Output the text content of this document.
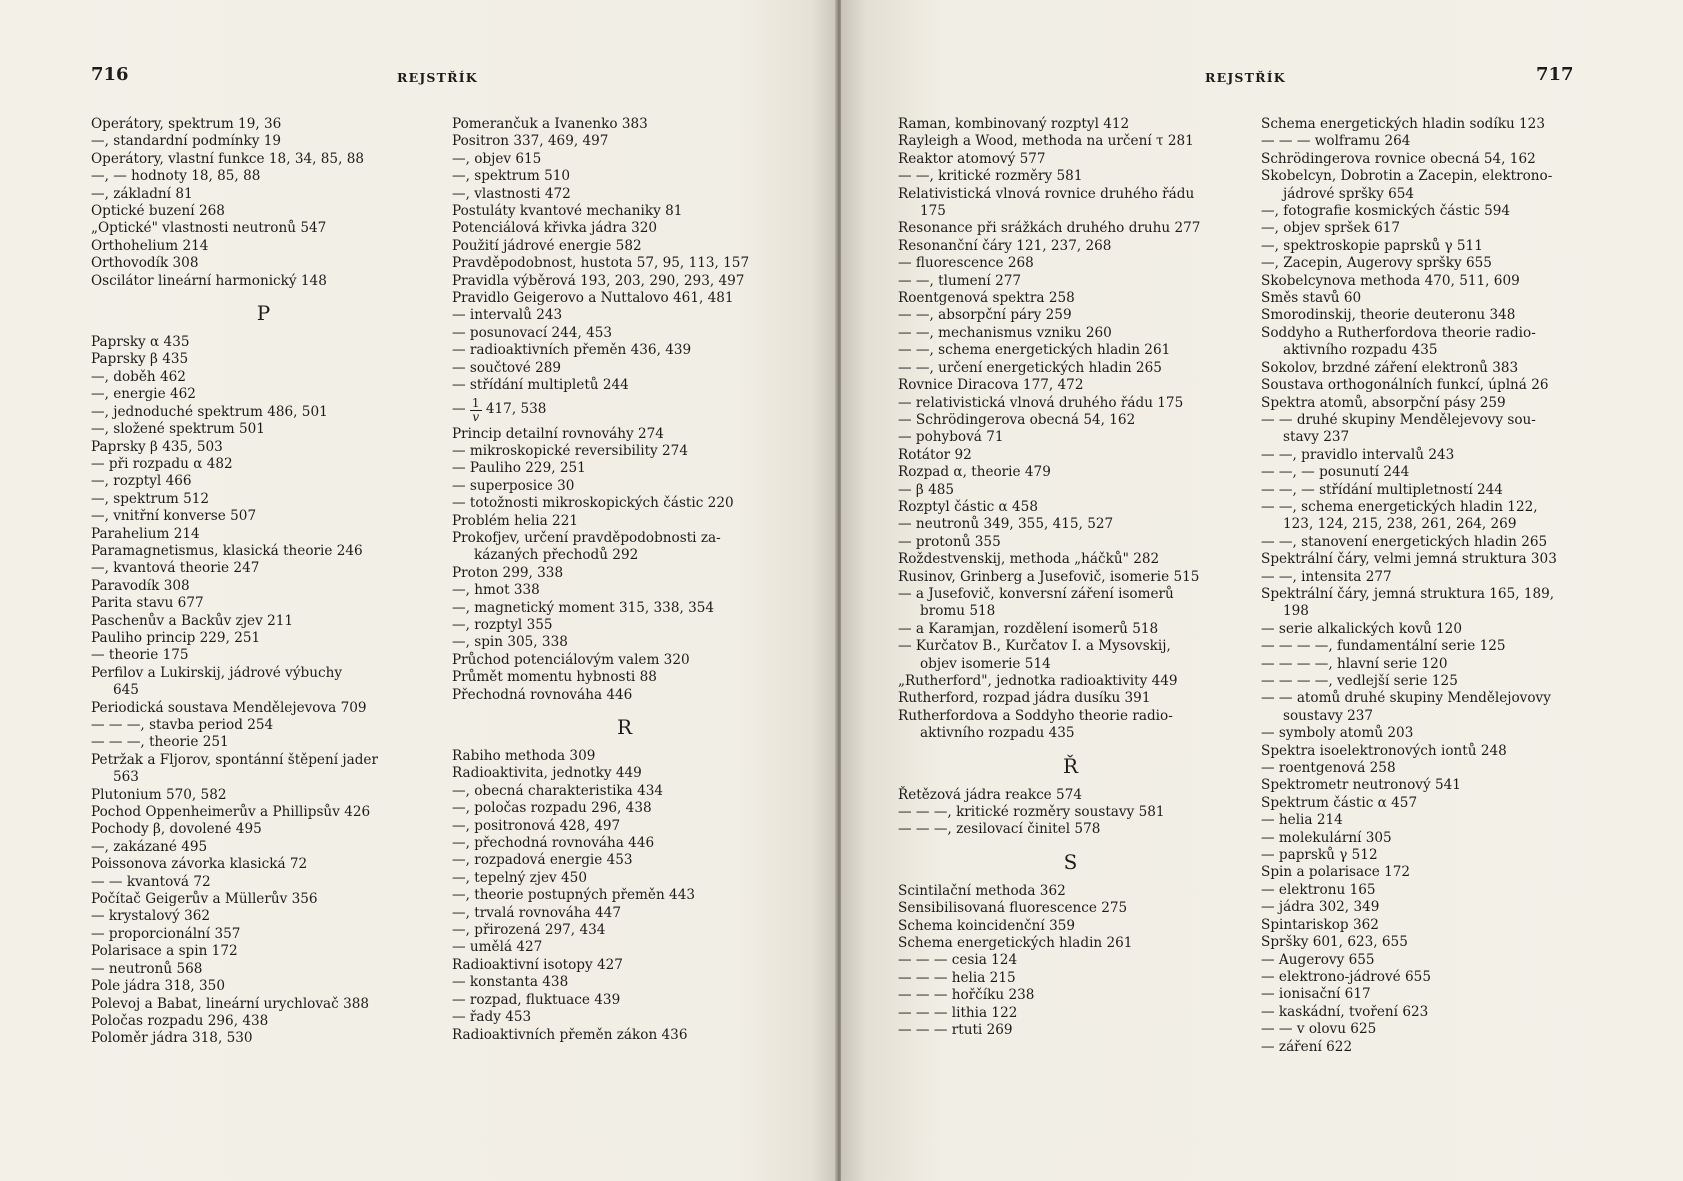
716	REJSTŘÍK
Operátory, spektrum 19, 36
—, standardní podmínky 19
Operátory, vlastní funkce 18, 34, 85, 88
—, — hodnoty 18, 85, 88
—, základní 81
Optické buzení 268
„Optické" vlastnosti neutronů 547
Orthohelium 214
Orthovodík 308
Oscilátor lineární harmonický 148
P
Paprsky α 435
Paprsky β 435
—, doběh 462
—, energie 462
—, jednoduché spektrum 486, 501
—, složené spektrum 501
Paprsky β 435, 503
— při rozpadu α 482
—, rozptyl 466
—, spektrum 512
—, vnitřní konverse 507
Parahelium 214
Paramagnetismus, klasická theorie 246
—, kvantová theorie 247
Paravodík 308
Parita stavu 677
Paschenův a Backův zjev 211
Pauliho princip 229, 251
— theorie 175
Perfilov a Lukirskij, jádrové výbuchy
645
Periodická soustava Mendělejevova 709
— — —, stavba period 254
— — —, theorie 251
Petržak a Fljorov, spontánní štěpení jader
563
Plutonium 570, 582
Pochod Oppenheimerův a Phillipsův 426
Pochody β, dovolené 495
—, zakázané 495
Poissonova závorka klasická 72
— — kvantová 72
Počítač Geigerův a Müllerův 356
— krystalový 362
— proporcionální 357
Polarisace a spin 172
— neutronů 568
Pole jádra 318, 350
Polevoj a Babat, lineární urychlovač 388
Poločas rozpadu 296, 438
Poloměr jádra 318, 530
Pomerančuk a Ivanenko 383
Positron 337, 469, 497
—, objev 615
—, spektrum 510
—, vlastnosti 472
Postuláty kvantové mechaniky 81
Potenciálová křivka jádra 320
Použití jádrové energie 582
Pravděpodobnost, hustota 57, 95, 113, 157
Pravidla výběrová 193, 203, 290, 293, 497
Pravidlo Geigerovo a Nuttalovo 461, 481
— intervalů 243
— posunovací 244, 453
— radioaktivních přeměn 436, 439
— součtové 289
— střídání multipletů 244
— $\frac{1}{v} 417$, 538
Princip detailní rovnováhy 274
— mikroskopické reversibility 274
— Pauliho 229, 251
— superposice 30
— totožnosti mikroskopických částic 220
Problém helia 221
Prokofjev, určení pravděpodobnosti za-
kázaných přechodů 292
Proton 299, 338
—, hmot 338
—, magnetický moment 315, 338, 354
—, rozptyl 355
—, spin 305, 338
Průchod potenciálovým valem 320
Průmět momentu hybnosti 88
Přechodná rovnováha 446
R
Rabiho methoda 309
Radioaktivita, jednotky 449
—, obecná charakteristika 434
—, poločas rozpadu 296, 438
—, positronová 428, 497
—, přechodná rovnováha 446
—, rozpadová energie 453
—, tepelný zjev 450
—, theorie postupných přeměn 443
—, trvalá rovnováha 447
—, přirozená 297, 434
— umělá 427
Radioaktivní isotopy 427
— konstanta 438
— rozpad, fluktuace 439
— řady 453
Radioaktivních přeměn zákon 436
717
REJSTŘÍK
Raman, kombinovaný rozptyl 412
Rayleigh a Wood, methoda na určení τ 281
Reaktor atomový 577
— —, kritické rozměry 581
Relativistická vlnová rovnice druhého řádu
175
Resonance při srážkách druhého druhu 277
Resonanční čáry 121, 237, 268
— fluorescence 268
— —, tlumení 277
Roentgenová spektra 258
— —, absorpční páry 259
— —, mechanismus vzniku 260
— —, schema energetických hladin 261
— —, určení energetických hladin 265
Rovnice Diracova 177, 472
— relativistická vlnová druhého řádu 175
— Schrödingerova obecná 54, 162
— pohybová 71
Rotátor 92
Rozpad α, theorie 479
— β 485
Rozptyl částic α 458
— neutronů 349, 355, 415, 527
— protonů 355
Roždestvenskij, methoda „háčků" 282
Rusinov, Grinberg a Jusefovič, isomerie 515
— a Jusefovič, konversní záření isomerů
bromu 518
— a Karamjan, rozdělení isomerů 518
— Kurčatov B., Kurčatov I. a Mysovskij,
objev isomerie 514
„Rutherford", jednotka radioaktivity 449
Rutherford, rozpad jádra dusíku 391
Rutherfordova a Soddyho theorie radio-
aktivního rozpadu 435
Ř
Řetězová jádra reakce 574
— — —, kritické rozměry soustavy 581
— — —, zesilovací činitel 578
S
Scintilační methoda 362
Sensibilisovaná fluorescence 275
Schema koincidenční 359
Schema energetických hladin 261
— — — cesia 124
— — — helia 215
— — — hořčíku 238
— — — lithia 122
— — — rtuti 269
Schema energetických hladin sodíku 123
— — — wolframu 264
Schrödingerova rovnice obecná 54, 162
Skobelcyn, Dobrotin a Zacepin, elektrono-
jádrové spršky 654
—, fotografie kosmických částic 594
—, objev spršek 617
—, spektroskopie paprsků γ 511
—, Zacepin, Augerovy spršky 655
Skobelcynova methoda 470, 511, 609
Směs stavů 60
Smorodinskij, theorie deuteronu 348
Soddyho a Rutherfordova theorie radio-
aktivního rozpadu 435
Sokolov, brzdné záření elektronů 383
Soustava orthogonálních funkcí, úplná 26
Spektra atomů, absorpční pásy 259
— — druhé skupiny Mendělejevovy sou-
stavy 237
— —, pravidlo intervalů 243
— —, — posunutí 244
— —, — střídání multipletností 244
— —, schema energetických hladin 122,
123, 124, 215, 238, 261, 264, 269
— —, stanovení energetických hladin 265
Spektrální čáry, velmi jemná struktura 303
— —, intensita 277
Spektrální čáry, jemná struktura 165, 189,
198
— serie alkalických kovů 120
— — — —, fundamentální serie 125
— — — —, hlavní serie 120
— — — —, vedlejší serie 125
— — atomů druhé skupiny Mendělejovovy
soustavy 237
— symboly atomů 203
Spektra isoelektronových iontů 248
— roentgenová 258
Spektrometr neutronový 541
Spektrum částic α 457
— helia 214
— molekulární 305
— paprsků γ 512
Spin a polarisace 172
— elektronu 165
— jádra 302, 349
Spintariskop 362
Spršky 601, 623, 655
— Augerovy 655
— elektrono-jádrové 655
— ionisační 617
— kaskádní, tvoření 623
— — v olovu 625
— záření 622
